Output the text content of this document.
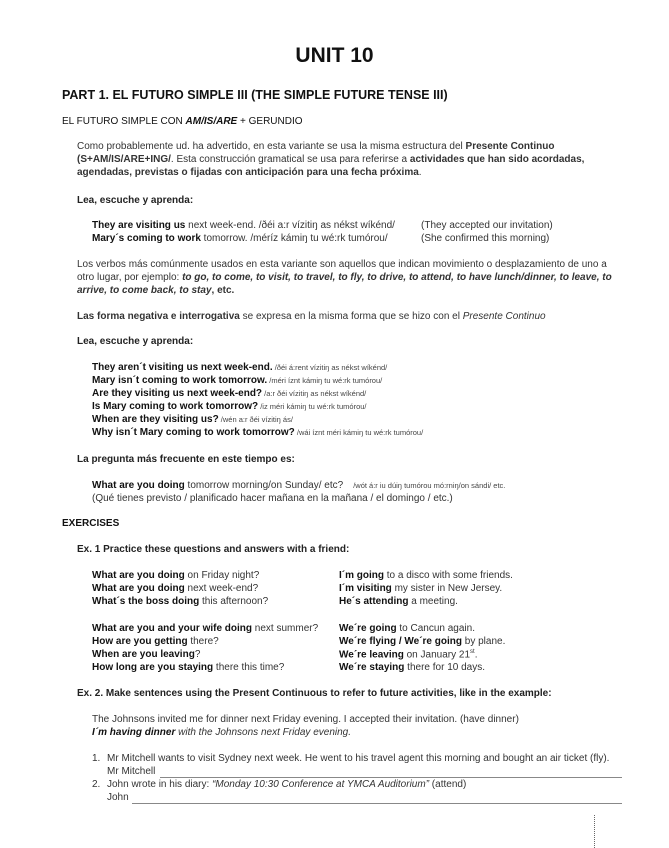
UNIT 10
PART 1. EL FUTURO SIMPLE III (THE SIMPLE FUTURE TENSE III)
EL FUTURO SIMPLE CON AM/IS/ARE + GERUNDIO
Como probablemente ud. ha advertido, en esta variante se usa la misma estructura del Presente Continuo (S+AM/IS/ARE+ING/. Esta construcción gramatical se usa para referirse a actividades que han sido acordadas, agendadas, previstas o fijadas con anticipación para una fecha próxima.
Lea, escuche y aprenda:
They are visiting us next week-end. /ðéi a:r vízitiŋ as nékst wíkénd/	(They accepted our invitation)
Mary´s coming to work tomorrow. /méríz kámiŋ tu wé:rk tumórou/	(She confirmed this morning)
Los verbos más comúnmente usados en esta variante son aquellos que indican movimiento o desplazamiento de uno a otro lugar, por ejemplo: to go, to come, to visit, to travel, to fly, to drive, to attend, to have lunch/dinner, to leave, to arrive, to come back, to stay, etc.
Las forma negativa e interrogativa se expresa en la misma forma que se hizo con el Presente Continuo
Lea, escuche y aprenda:
They aren´t visiting us next week-end. /ðéi á:rent vízitiŋ as nékst wíkénd/
Mary isn´t coming to work tomorrow. /méri íznt kámiŋ tu wé:rk tumórou/
Are they visiting us next week-end? /a:r ðéi vízitiŋ as nékst wíkénd/
Is Mary coming to work tomorrow? /iz méri kámiŋ tu wé:rk tumórou/
When are they visiting us? /wén a:r ðéi vízitiŋ ás/
Why isn´t Mary coming to work tomorrow? /wái íznt méri kámiŋ tu wé:rk tumórou/
La pregunta más frecuente en este tiempo es:
What are you doing tomorrow morning/on Sunday/ etc? /wót á:r iu dúiŋ tumórou mó:rniŋ/on sándi/ etc.
(Qué tienes previsto / planificado hacer mañana en la mañana / el domingo / etc.)
EXERCISES
Ex. 1 Practice these questions and answers with a friend:
What are you doing on Friday night?
What are you doing next week-end?
What´s the boss doing this afternoon?
I´m going to a disco with some friends.
I´m visiting my sister in New Jersey.
He´s attending a meeting.
What are you and your wife doing next summer?
How are you getting there?
When are you leaving?
How long are you staying there this time?
We´re going to Cancun again.
We´re flying / We´re going by plane.
We´re leaving on January 21st.
We´re staying there for 10 days.
Ex. 2. Make sentences using the Present Continuous to refer to future activities, like in the example:
The Johnsons invited me for dinner next Friday evening. I accepted their invitation. (have dinner)
I´m having dinner with the Johnsons next Friday evening.
1. Mr Mitchell wants to visit Sydney next week. He went to his travel agent this morning and bought an air ticket (fly).
Mr Mitchell
2. John wrote in his diary: “Monday 10:30 Conference at YMCA Auditorium” (attend)
John
